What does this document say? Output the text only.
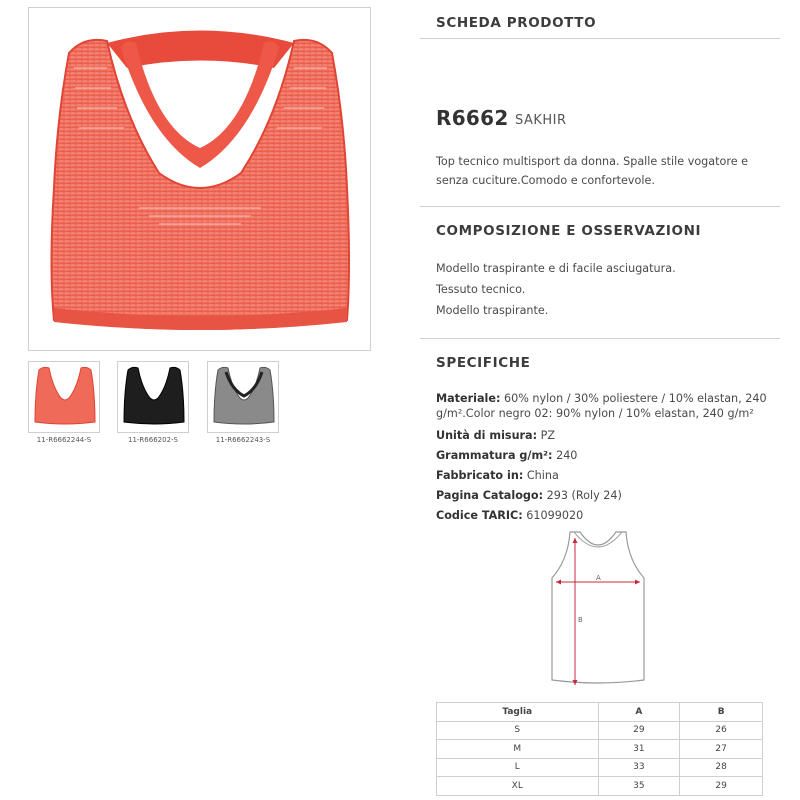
11-R6662244-S	11-R666202-S	11-R6662243-S
SCHEDA PRODOTTO
R6662 SAKHIR
Top tecnico multisport da donna. Spalle stile vogatore e
senza cuciture.Comodo e confortevole.
COMPOSIZIONE E OSSERVAZIONI
Modello traspirante e di facile asciugatura.
Tessuto tecnico.
Modello traspirante.
SPECIFICHE
Materiale: 60% nylon / 30% poliestere / 10% elastan, 240
g/m².Color negro 02: 90% nylon / 10% elastan, 240 g/m²
Unità di misura: PZ
Grammatura g/m²: 240
Fabbricato in: China
Pagina Catalogo: 293 (Roly 24)
Codice TARIC: 61099020
A
B
Taglia	A	B
S	29	26
M	31	27
L	33	28
XL	35	29
